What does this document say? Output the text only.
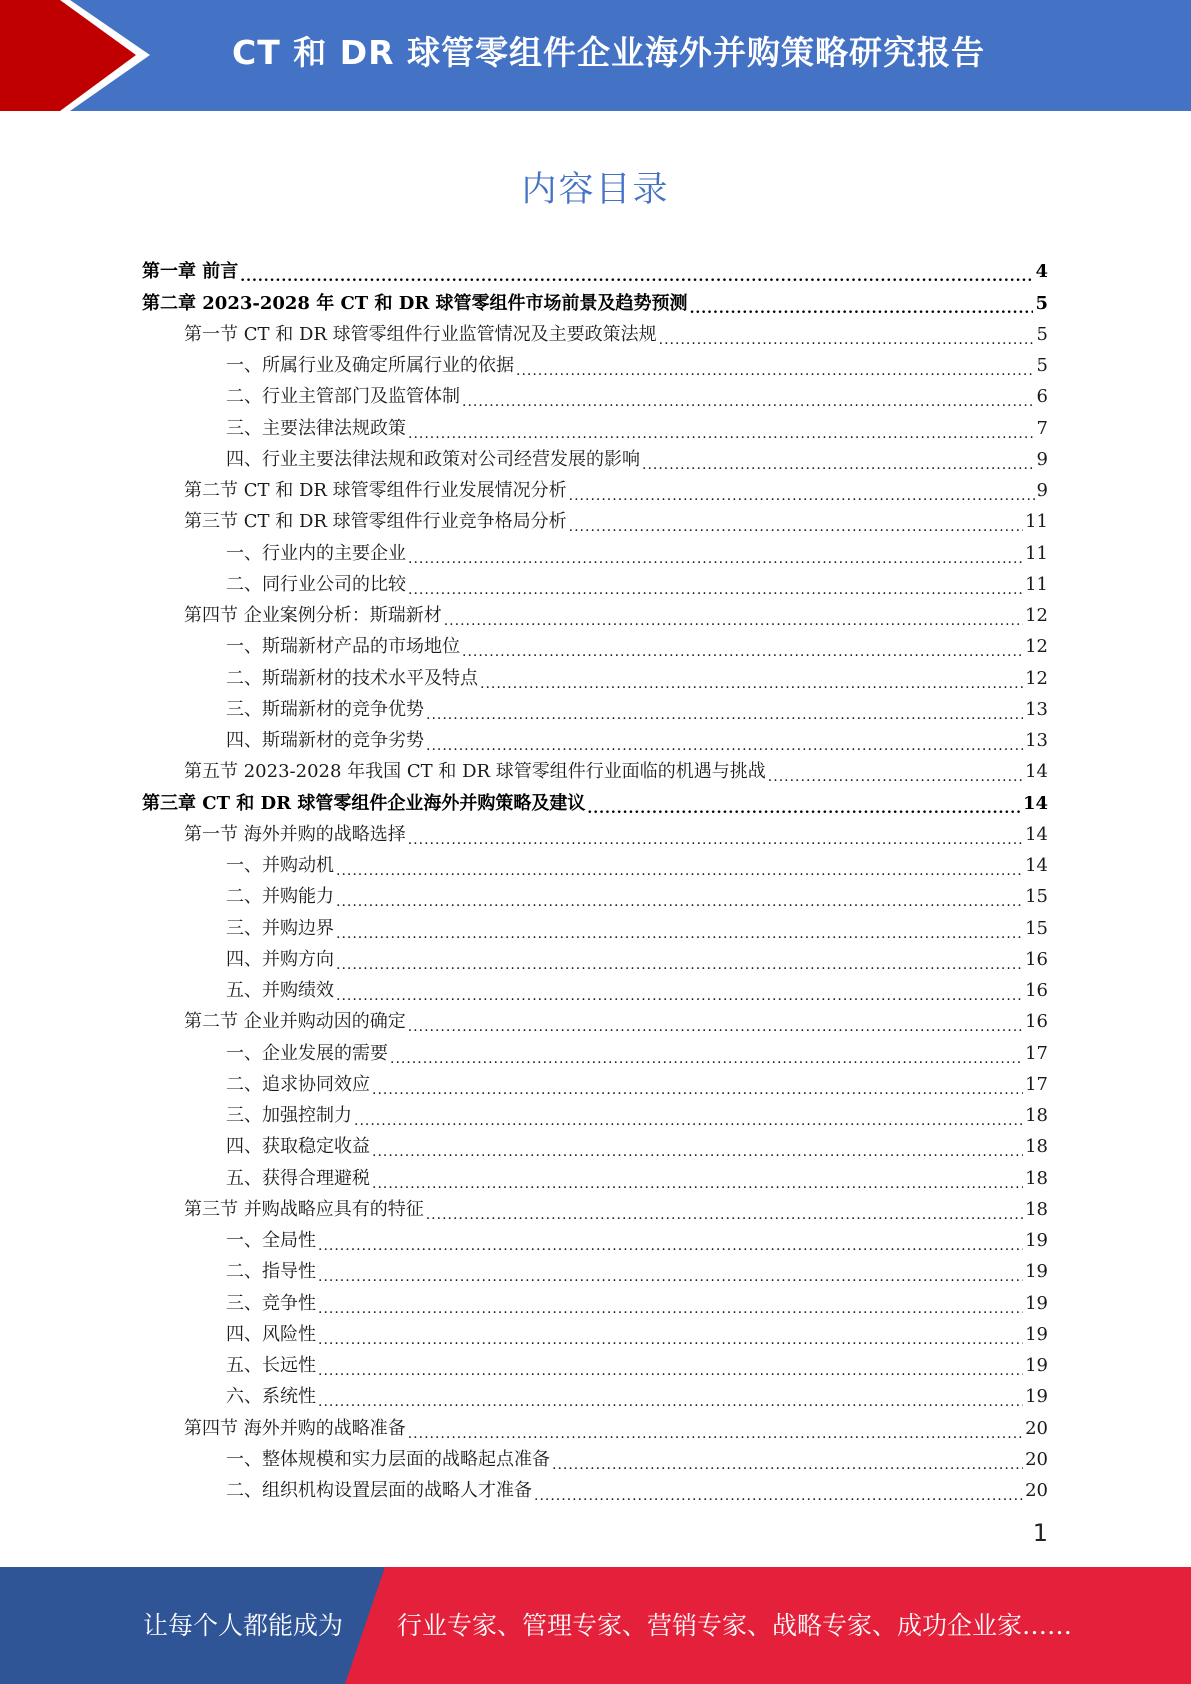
CT 和 DR 球管零组件企业海外并购策略研究报告
内容目录
第一章 前言 .....	4
第二章 2023-2028 年 CT 和 DR 球管零组件市场前景及趋势预测 .....	5
第一节 CT 和 DR 球管零组件行业监管情况及主要政策法规 .....	5
一、所属行业及确定所属行业的依据 .....	5
二、行业主管部门及监管体制 .....	6
三、主要法律法规政策 .....	7
四、行业主要法律法规和政策对公司经营发展的影响 .....	9
第二节 CT 和 DR 球管零组件行业发展情况分析 .....	9
第三节 CT 和 DR 球管零组件行业竞争格局分析 .....	11
一、行业内的主要企业 .....	11
二、同行业公司的比较 .....	11
第四节 企业案例分析：斯瑞新材 .....	12
一、斯瑞新材产品的市场地位 .....	12
二、斯瑞新材的技术水平及特点 .....	12
三、斯瑞新材的竞争优势 .....	13
四、斯瑞新材的竞争劣势 .....	13
第五节 2023-2028 年我国 CT 和 DR 球管零组件行业面临的机遇与挑战 .....	14
第三章 CT 和 DR 球管零组件企业海外并购策略及建议 .....	14
第一节 海外并购的战略选择 .....	14
一、并购动机 .....	14
二、并购能力 .....	15
三、并购边界 .....	15
四、并购方向 .....	16
五、并购绩效 .....	16
第二节 企业并购动因的确定 .....	16
一、企业发展的需要 .....	17
二、追求协同效应 .....	17
三、加强控制力 .....	18
四、获取稳定收益 .....	18
五、获得合理避税 .....	18
第三节 并购战略应具有的特征 .....	18
一、全局性 .....	19
二、指导性 .....	19
三、竞争性 .....	19
四、风险性 .....	19
五、长远性 .....	19
六、系统性 .....	19
第四节 海外并购的战略准备 .....	20
一、整体规模和实力层面的战略起点准备 .....	20
二、组织机构设置层面的战略人才准备 .....	20
1
让每个人都能成为 行业专家、管理专家、营销专家、战略专家、成功企业家……
